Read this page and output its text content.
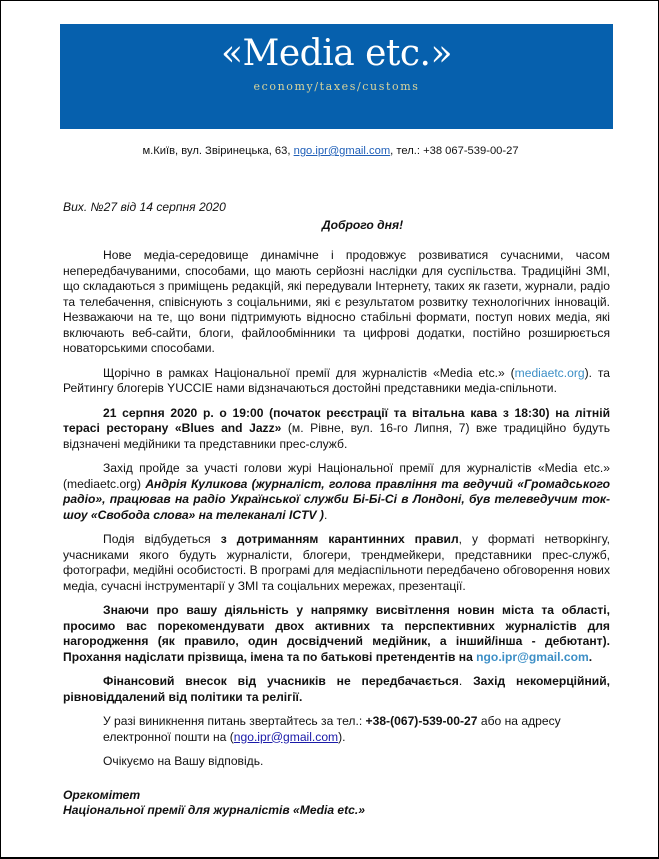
«Media etc.»
economy/taxes/customs
м.Київ, вул. Звіринецька, 63, ngo.ipr@gmail.com, тел.: +38 067-539-00-27

Вих. №27 від 14 серпня 2020

Доброго дня!

Нове медіа-середовище динамічне і продовжує розвиватися сучасними, часом непередбачуваними, способами, що мають серйозні наслідки для суспільства. Традиційні ЗМІ, що складаються з приміщень редакцій, які передували Інтернету, таких як газети, журнали, радіо та телебачення, співіснують з соціальними, які є результатом розвитку технологічних інновацій. Незважаючи на те, що вони підтримують відносно стабільні формати, поступ нових медіа, які включають веб-сайти, блоги, файлообмінники та цифрові додатки, постійно розширюється новаторськими способами.

Щорічно в рамках Національної премії для журналістів «Media etc.» (mediaetc.org). та Рейтингу блогерів YUCCIE нами відзначаються достойні представники медіа-спільноти.

21 серпня 2020 р. о 19:00 (початок реєстрації та вітальна кава з 18:30) на літній терасі ресторану «Blues and Jazz» (м. Рівне, вул. 16-го Липня, 7) вже традиційно будуть відзначені медійники та представники прес-служб.

Захід пройде за участі голови журі Національної премії для журналістів «Media etc.» (mediaetc.org) Андрія Куликова (журналіст, голова правління та ведучий «Громадського радіо», працював на радіо Української служби Бі-Бі-Сі в Лондоні, був телеведучим ток-шоу «Свобода слова» на телеканалі ICTV ).

Подія відбудеться з дотриманням карантинних правил, у форматі нетворкінгу, учасниками якого будуть журналісти, блогери, трендмейкери, представники прес-служб, фотографи, медійні особистості. В програмі для медіаспільноти передбачено обговорення нових медіа, сучасні інструментарії у ЗМІ та соціальних мережах, презентації.

Знаючи про вашу діяльність у напрямку висвітлення новин міста та області, просимо вас порекомендувати двох активних та перспективних журналістів для нагородження (як правило, один досвідчений медійник, а інший/інша - дебютант). Прохання надіслати прізвища, імена та по батькові претендентів на ngo.ipr@gmail.com.

Фінансовий внесок від учасників не передбачається. Захід некомерційний, рівновіддалений від політики та релігії.

У разі виникнення питань звертайтесь за тел.: +38-(067)-539-00-27 або на адресу електронної пошти на (ngo.ipr@gmail.com).

Очікуємо на Вашу відповідь.

Оргкомітет
Національної премії для журналістів «Media etc.»
